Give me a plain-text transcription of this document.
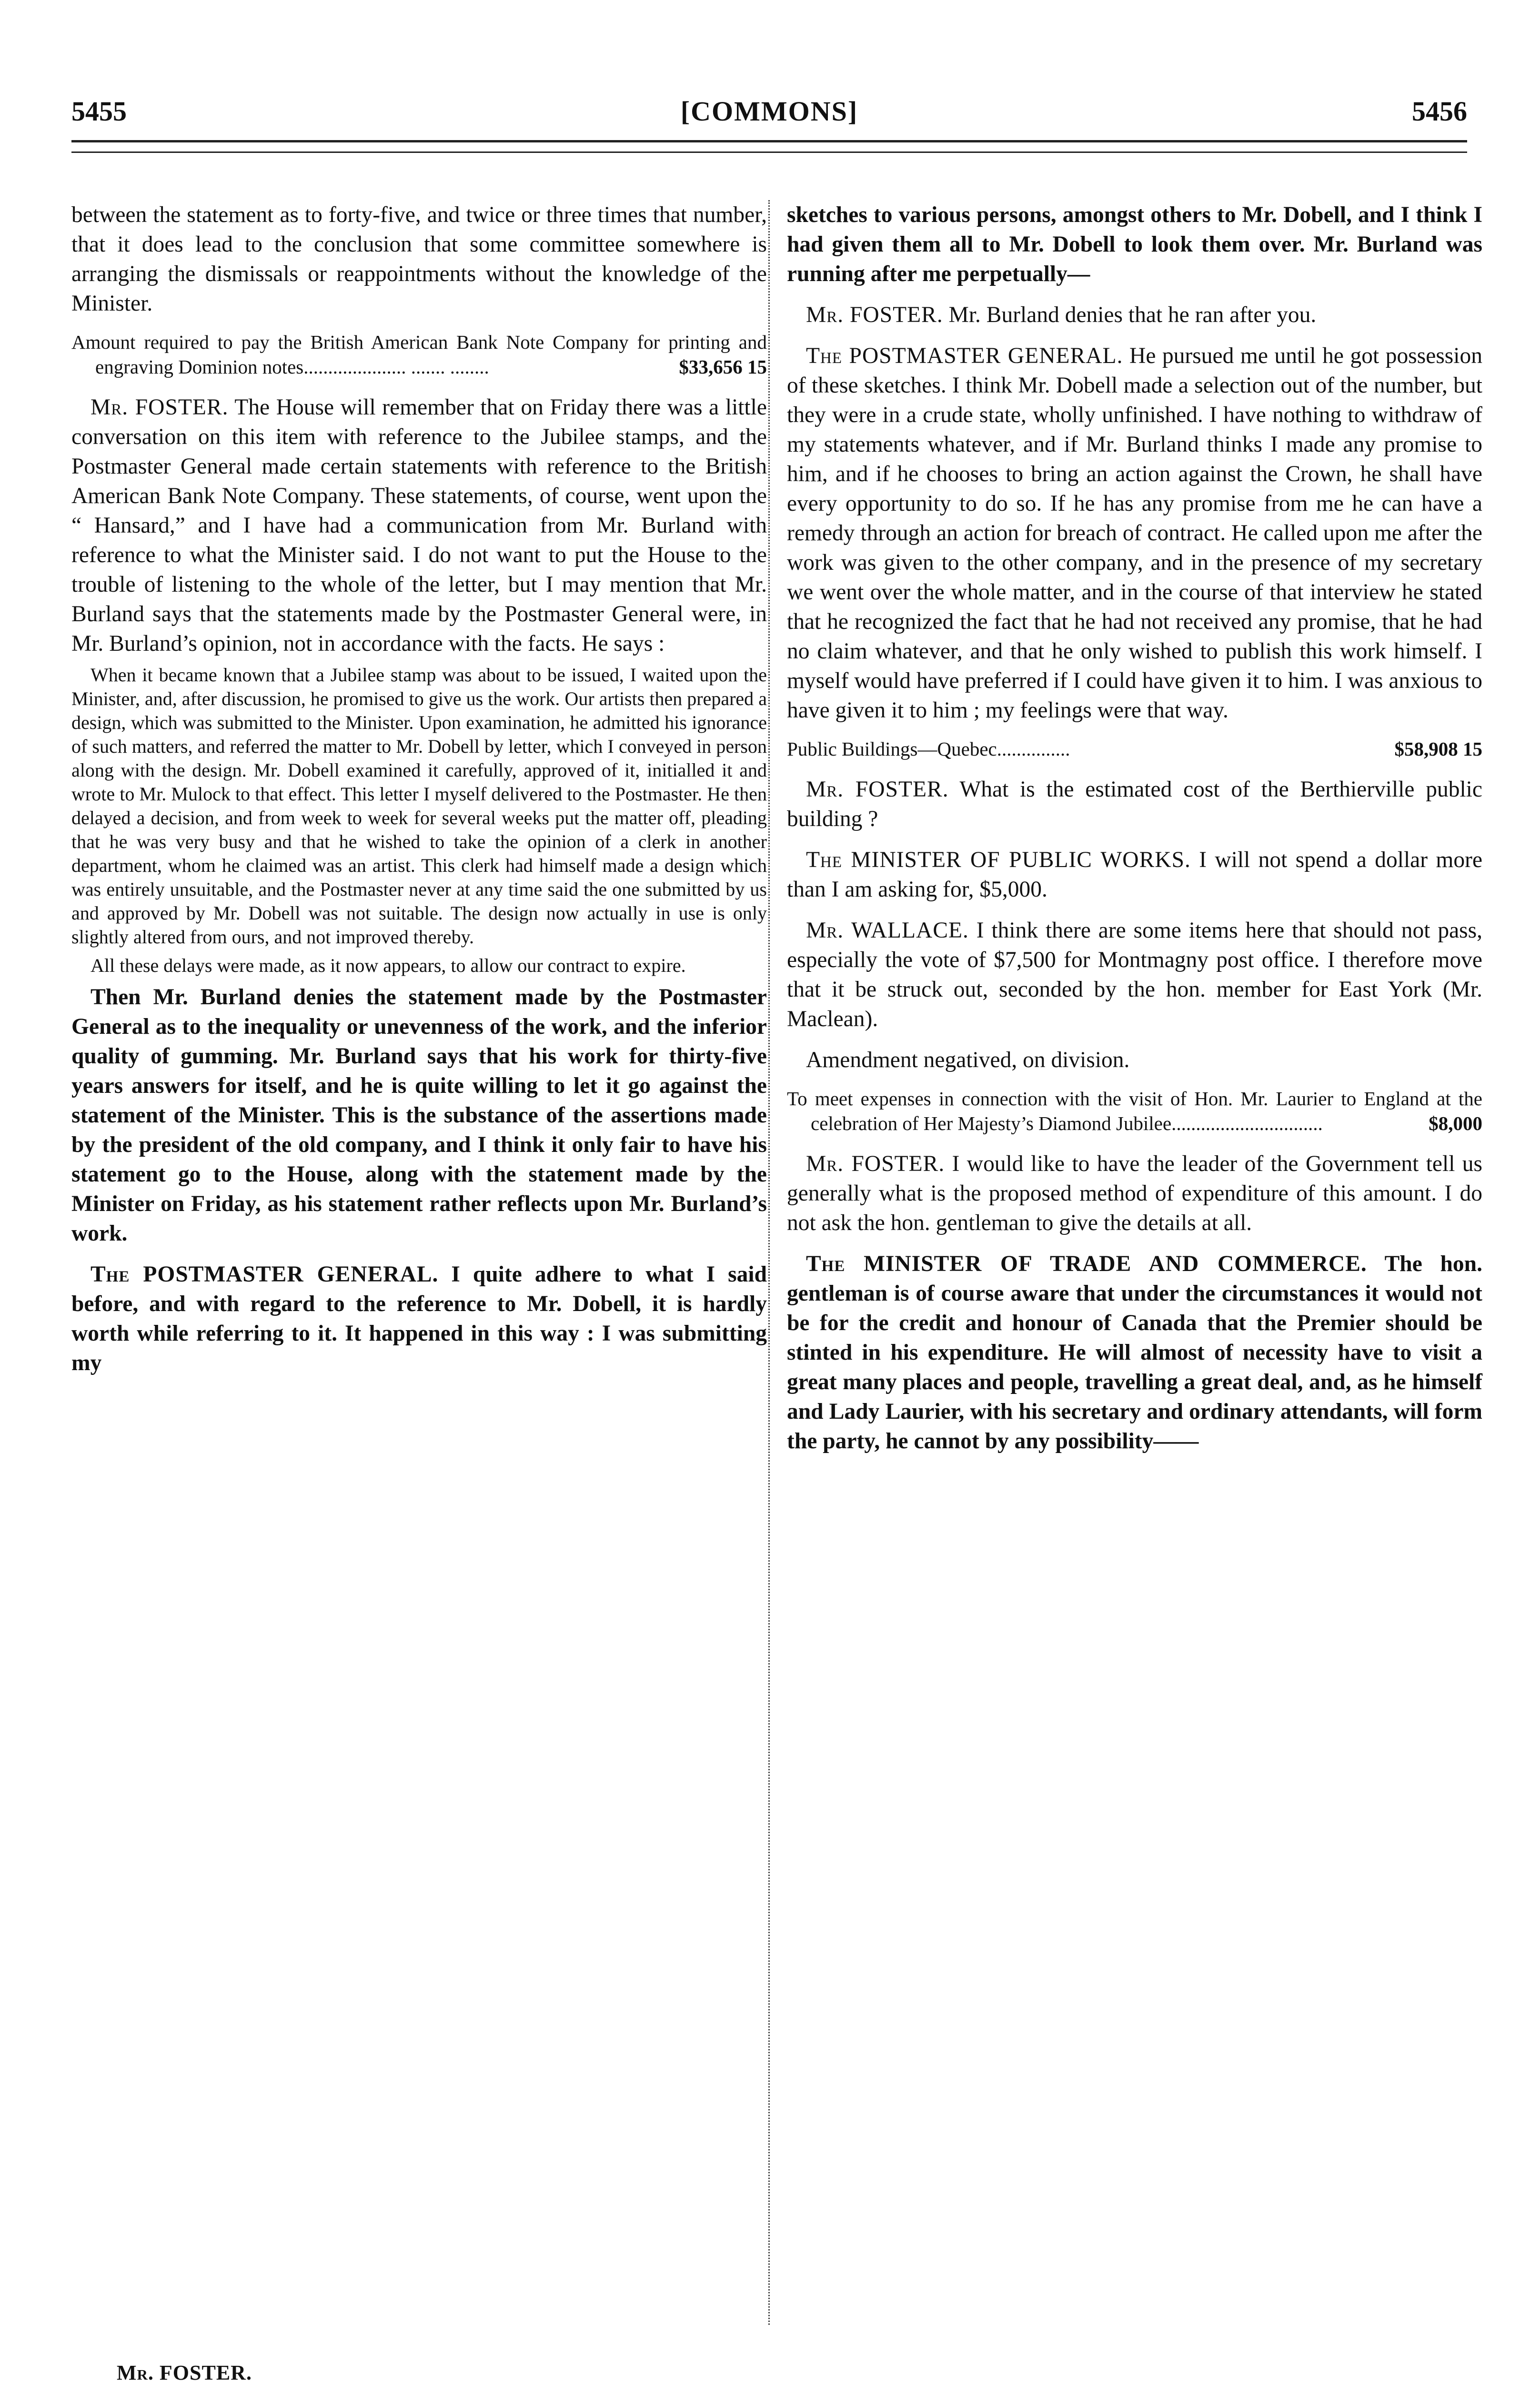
5455	[COMMONS]	5456

between the statement as to forty-five, and twice or three times that number, that it does lead to the conclusion that some committee somewhere is arranging the dismissals or reappointments without the knowledge of the Minister.

Amount required to pay the British American Bank Note Company for printing and engraving Dominion notes..................... ....... ........	$33,656 15

Mr. FOSTER. The House will remember that on Friday there was a little conversation on this item with reference to the Jubilee stamps, and the Postmaster General made certain statements with reference to the British American Bank Note Company. These statements, of course, went upon the “ Hansard,” and I have had a communication from Mr. Burland with reference to what the Minister said. I do not want to put the House to the trouble of listening to the whole of the letter, but I may mention that Mr. Burland says that the statements made by the Postmaster General were, in Mr. Burland’s opinion, not in accordance with the facts. He says :

When it became known that a Jubilee stamp was about to be issued, I waited upon the Minister, and, after discussion, he promised to give us the work. Our artists then prepared a design, which was submitted to the Minister. Upon examination, he admitted his ignorance of such matters, and referred the matter to Mr. Dobell by letter, which I conveyed in person along with the design. Mr. Dobell examined it carefully, approved of it, initialled it and wrote to Mr. Mulock to that effect. This letter I myself delivered to the Postmaster. He then delayed a decision, and from week to week for several weeks put the matter off, pleading that he was very busy and that he wished to take the opinion of a clerk in another department, whom he claimed was an artist. This clerk had himself made a design which was entirely unsuitable, and the Postmaster never at any time said the one submitted by us and approved by Mr. Dobell was not suitable. The design now actually in use is only slightly altered from ours, and not improved thereby.

All these delays were made, as it now appears, to allow our contract to expire.

Then Mr. Burland denies the statement made by the Postmaster General as to the inequality or unevenness of the work, and the inferior quality of gumming. Mr. Burland says that his work for thirty-five years answers for itself, and he is quite willing to let it go against the statement of the Minister. This is the substance of the assertions made by the president of the old company, and I think it only fair to have his statement go to the House, along with the statement made by the Minister on Friday, as his statement rather reflects upon Mr. Burland’s work.

The POSTMASTER GENERAL. I quite adhere to what I said before, and with regard to the reference to Mr. Dobell, it is hardly worth while referring to it. It happened in this way : I was submitting my

Mr. FOSTER.

sketches to various persons, amongst others to Mr. Dobell, and I think I had given them all to Mr. Dobell to look them over. Mr. Burland was running after me perpetually—

Mr. FOSTER. Mr. Burland denies that he ran after you.

The POSTMASTER GENERAL. He pursued me until he got possession of these sketches. I think Mr. Dobell made a selection out of the number, but they were in a crude state, wholly unfinished. I have nothing to withdraw of my statements whatever, and if Mr. Burland thinks I made any promise to him, and if he chooses to bring an action against the Crown, he shall have every opportunity to do so. If he has any promise from me he can have a remedy through an action for breach of contract. He called upon me after the work was given to the other company, and in the presence of my secretary we went over the whole matter, and in the course of that interview he stated that he recognized the fact that he had not received any promise, that he had no claim whatever, and that he only wished to publish this work himself. I myself would have preferred if I could have given it to him. I was anxious to have given it to him ; my feelings were that way.

Public Buildings—Quebec...............	$58,908 15

Mr. FOSTER. What is the estimated cost of the Berthierville public building ?

The MINISTER OF PUBLIC WORKS. I will not spend a dollar more than I am asking for, $5,000.

Mr. WALLACE. I think there are some items here that should not pass, especially the vote of $7,500 for Montmagny post office. I therefore move that it be struck out, seconded by the hon. member for East York (Mr. Maclean).

Amendment negatived, on division.

To meet expenses in connection with the visit of Hon. Mr. Laurier to England at the celebration of Her Majesty’s Diamond Jubilee...............................	$8,000

Mr. FOSTER. I would like to have the leader of the Government tell us generally what is the proposed method of expenditure of this amount. I do not ask the hon. gentleman to give the details at all.

The MINISTER OF TRADE AND COMMERCE. The hon. gentleman is of course aware that under the circumstances it would not be for the credit and honour of Canada that the Premier should be stinted in his expenditure. He will almost of necessity have to visit a great many places and people, travelling a great deal, and, as he himself and Lady Laurier, with his secretary and ordinary attendants, will form the party, he cannot by any possibility——
